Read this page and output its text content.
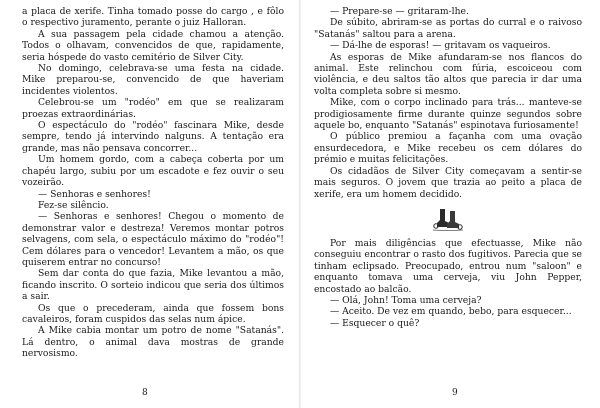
a placa de xerife. Tinha tomado posse do cargo , e fôlo o respectivo juramento, perante o juiz Halloran.

A sua passagem pela cidade chamou a atenção. Todos o olhavam, convencidos de que, rapidamente, seria hóspede do vasto cemitério de Silver City.

No domingo, celebrava-se uma festa na cidade. Mike preparou-se, convencido de que haveriam incidentes violentos.

Celebrou-se um "rodéo" em que se realizaram proezas extraordinárias.

O espectáculo do "rodéo" fascinara Mike, desde sempre, tendo já intervindo nalguns. A tentação era grande, mas não pensava concorrer...

Um homem gordo, com a cabeça coberta por um chapéu largo, subiu por um escadote e fez ouvir o seu vozeirão.

— Senhoras e senhores!

Fez-se silêncio.

— Senhoras e senhores! Chegou o momento de demonstrar valor e destreza! Veremos montar potros selvagens, com sela, o espectáculo máximo do "rodéo"! Cem dólares para o vencedor! Levantem a mão, os que quiserem entrar no concurso!

Sem dar conta do que fazia, Mike levantou a mão, ficando inscrito. O sorteio indicou que seria dos últimos a sair.

Os que o precederam, ainda que fossem bons cavaleiros, foram cuspidos das selas num ápice.

A Mike cabia montar um potro de nome "Satanás". Lá dentro, o animal dava mostras de grande nervosismo.

8

— Prepare-se — gritaram-lhe.

De súbito, abriram-se as portas do curral e o raivoso "Satanás" saltou para a arena.

— Dá-lhe de esporas! — gritavam os vaqueiros.

As esporas de Mike afundaram-se nos flancos do animal. Este relinchou com fúria, escoiceou com violência, e deu saltos tão altos que parecia ir dar uma volta completa sobre si mesmo.

Mike, com o corpo inclinado para trás... manteve-se prodigiosamente firme durante quinze segundos sobre aquele bo, enquanto "Satanás" espinotava furiosamente!

O público premiou a façanha com uma ovação ensurdecedora, e Mike recebeu os cem dólares do prémio e muitas felicitações.

Os cidadãos de Silver City começavam a sentir-se mais seguros. O jovem que trazia ao peito a placa de xerife, era um homem decidido.

Por mais diligências que efectuasse, Mike não conseguiu encontrar o rasto dos fugitivos. Parecia que se tinham eclipsado. Preocupado, entrou num "saloon" e enquanto tomava uma cerveja, viu John Pepper, encostado ao balcão.

— Olá, John! Toma uma cerveja?

— Aceito. De vez em quando, bebo, para esquecer...

— Esquecer o quê?

9
